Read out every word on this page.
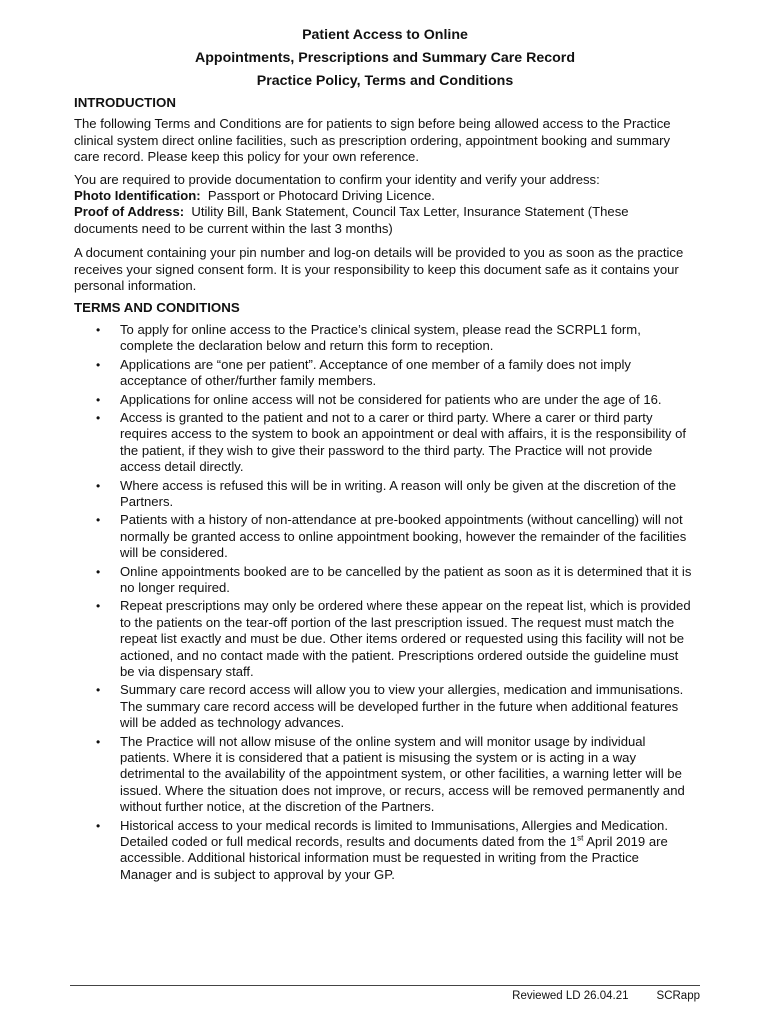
Patient Access to Online
Appointments, Prescriptions and Summary Care Record
Practice Policy, Terms and Conditions
INTRODUCTION

The following Terms and Conditions are for patients to sign before being allowed access to the Practice clinical system direct online facilities, such as prescription ordering, appointment booking and summary care record. Please keep this policy for your own reference.

You are required to provide documentation to confirm your identity and verify your address:
Photo Identification: Passport or Photocard Driving Licence.
Proof of Address: Utility Bill, Bank Statement, Council Tax Letter, Insurance Statement (These documents need to be current within the last 3 months)

A document containing your pin number and log-on details will be provided to you as soon as the practice receives your signed consent form. It is your responsibility to keep this document safe as it contains your personal information.

TERMS AND CONDITIONS
• To apply for online access to the Practice’s clinical system, please read the SCRPL1 form, complete the declaration below and return this form to reception.
• Applications are “one per patient”. Acceptance of one member of a family does not imply acceptance of other/further family members.
• Applications for online access will not be considered for patients who are under the age of 16.
• Access is granted to the patient and not to a carer or third party. Where a carer or third party requires access to the system to book an appointment or deal with affairs, it is the responsibility of the patient, if they wish to give their password to the third party. The Practice will not provide access detail directly.
• Where access is refused this will be in writing. A reason will only be given at the discretion of the Partners.
• Patients with a history of non-attendance at pre-booked appointments (without cancelling) will not normally be granted access to online appointment booking, however the remainder of the facilities will be considered.
• Online appointments booked are to be cancelled by the patient as soon as it is determined that it is no longer required.
• Repeat prescriptions may only be ordered where these appear on the repeat list, which is provided to the patients on the tear-off portion of the last prescription issued. The request must match the repeat list exactly and must be due. Other items ordered or requested using this facility will not be actioned, and no contact made with the patient. Prescriptions ordered outside the guideline must be via dispensary staff.
• Summary care record access will allow you to view your allergies, medication and immunisations. The summary care record access will be developed further in the future when additional features will be added as technology advances.
• The Practice will not allow misuse of the online system and will monitor usage by individual patients. Where it is considered that a patient is misusing the system or is acting in a way detrimental to the availability of the appointment system, or other facilities, a warning letter will be issued. Where the situation does not improve, or recurs, access will be removed permanently and without further notice, at the discretion of the Partners.
• Historical access to your medical records is limited to Immunisations, Allergies and Medication. Detailed coded or full medical records, results and documents dated from the 1st April 2019 are accessible. Additional historical information must be requested in writing from the Practice Manager and is subject to approval by your GP.
Reviewed LD 26.04.21 SCRapp
